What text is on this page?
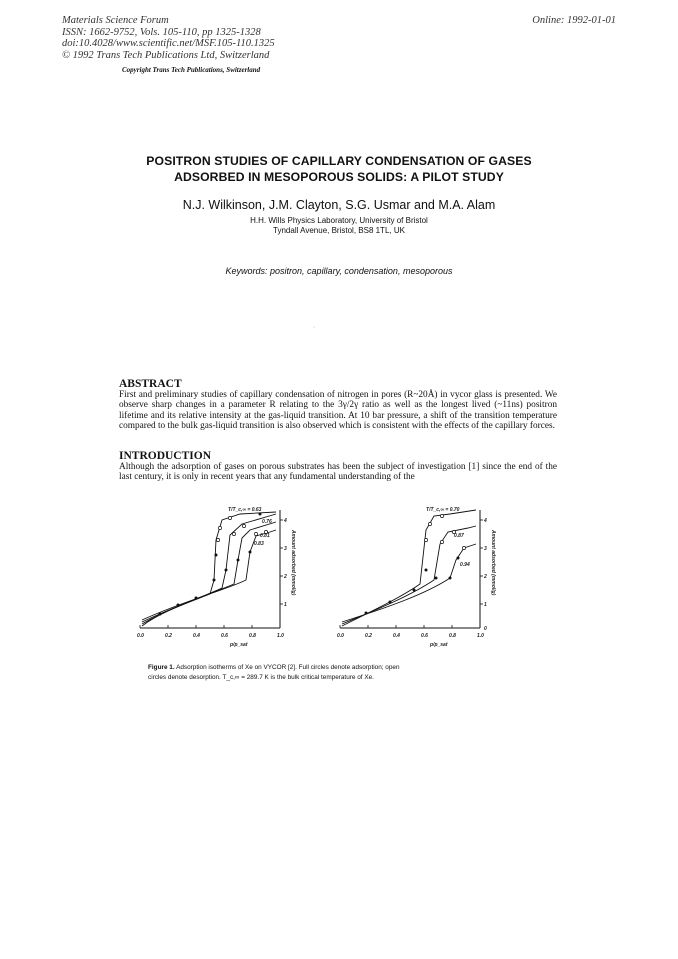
Materials Science Forum
ISSN: 1662-9752, Vols. 105-110, pp 1325-1328
doi:10.4028/www.scientific.net/MSF.105-110.1325
© 1992 Trans Tech Publications Ltd, Switzerland
Online: 1992-01-01
Copyright Trans Tech Publications, Switzerland
POSITRON STUDIES OF CAPILLARY CONDENSATION OF GASES
ADSORBED IN MESOPOROUS SOLIDS: A PILOT STUDY
N.J. Wilkinson, J.M. Clayton, S.G. Usmar and M.A. Alam
H.H. Wills Physics Laboratory, University of Bristol
Tyndall Avenue, Bristol, BS8 1TL, UK
Keywords: positron, capillary, condensation, mesoporous
·
ABSTRACT
First and preliminary studies of capillary condensation of nitrogen in pores (R~20Å) in vycor glass is presented. We observe sharp changes in a parameter R relating to the 3γ/2γ ratio as well as the longest lived (~11ns) positron lifetime and its relative intensity at the gas-liquid transition. At 10 bar pressure, a shift of the transition temperature compared to the bulk gas-liquid transition is also observed which is consistent with the effects of the capillary forces.
INTRODUCTION
Although the adsorption of gases on porous substrates has been the subject of investigation [1] since the end of the last century, it is only in recent years that any fundamental understanding of the
T/T_c,∞ = 0.63
0.76
0.81
0.83
0.0	0.2	0.4	0.6	0.8	1.0
p/p_sat
1
2
3
4
Amount adsorbed (mmol/g)
T/T_c,∞ = 0.70
0.87
0.94
0.0	0.2	0.4	0.6	0.8	1.0
p/p_sat
0
1
2
3
4
Amount adsorbed (mmol/g)
Figure 1. Adsorption isotherms of Xe on VYCOR [2]. Full circles denote adsorption; open
circles denote desorption. T_c,∞ = 289.7 K is the bulk critical temperature of Xe.
